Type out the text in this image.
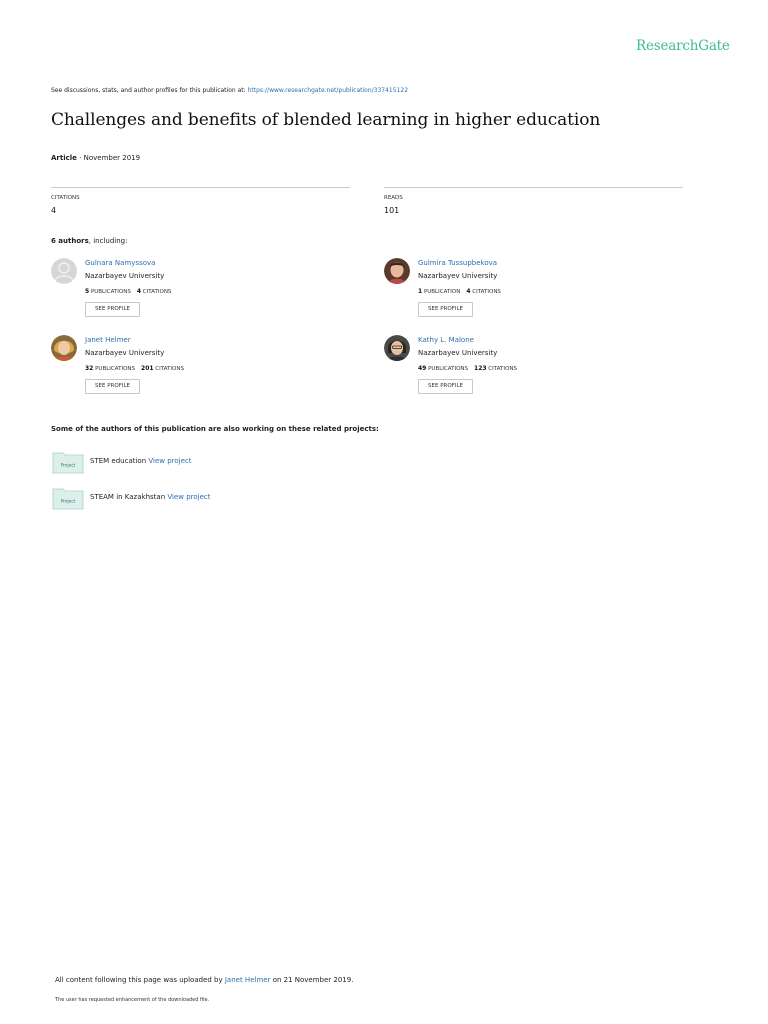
ResearchGate
See discussions, stats, and author profiles for this publication at: https://www.researchgate.net/publication/337415122
Challenges and benefits of blended learning in higher education
Article · November 2019
CITATIONS
4
READS
101
6 authors, including:
Gulnara Namyssova
Nazarbayev University
5 PUBLICATIONS 4 CITATIONS
SEE PROFILE
Gulmira Tussupbekova
Nazarbayev University
1 PUBLICATION 4 CITATIONS
SEE PROFILE
Janet Helmer
Nazarbayev University
32 PUBLICATIONS 201 CITATIONS
SEE PROFILE
Kathy L. Malone
Nazarbayev University
49 PUBLICATIONS 123 CITATIONS
SEE PROFILE
Some of the authors of this publication are also working on these related projects:
Project STEM education View project
Project STEAM in Kazakhstan View project
All content following this page was uploaded by Janet Helmer on 21 November 2019.
The user has requested enhancement of the downloaded file.
